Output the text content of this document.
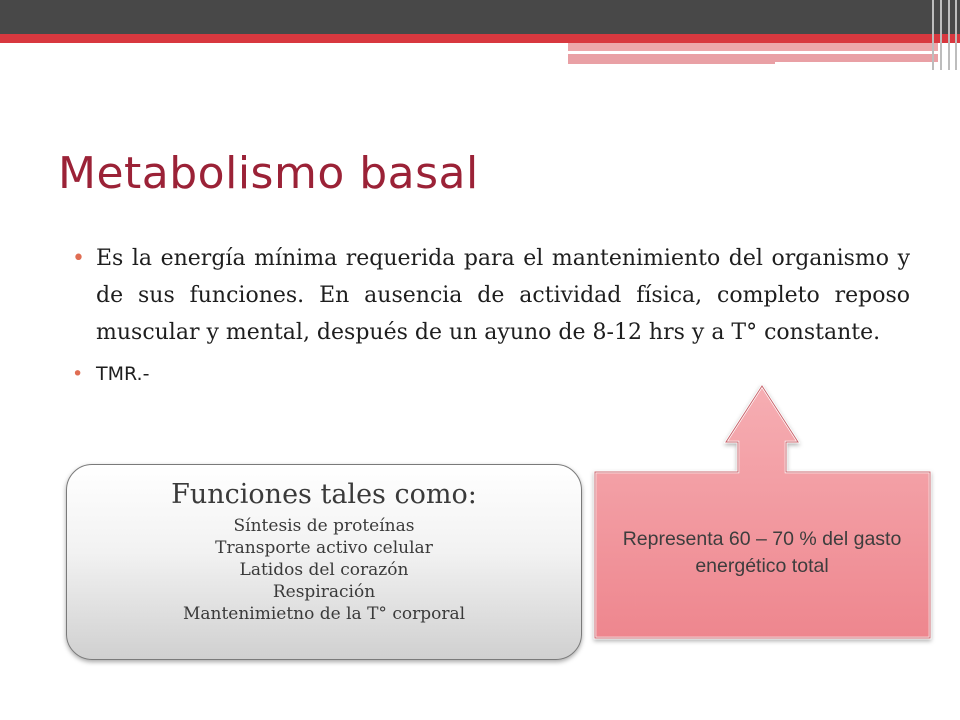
Metabolismo basal
• Es la energía mínima requerida para el mantenimiento del organismo y de sus funciones. En ausencia de actividad física, completo reposo muscular y mental, después de un ayuno de 8-12 hrs y a T° constante.
• TMR.-
Funciones tales como:
Síntesis de proteínas
Transporte activo celular
Latidos del corazón
Respiración
Mantenimietno de la T° corporal
Representa 60 – 70 % del gasto energético total
